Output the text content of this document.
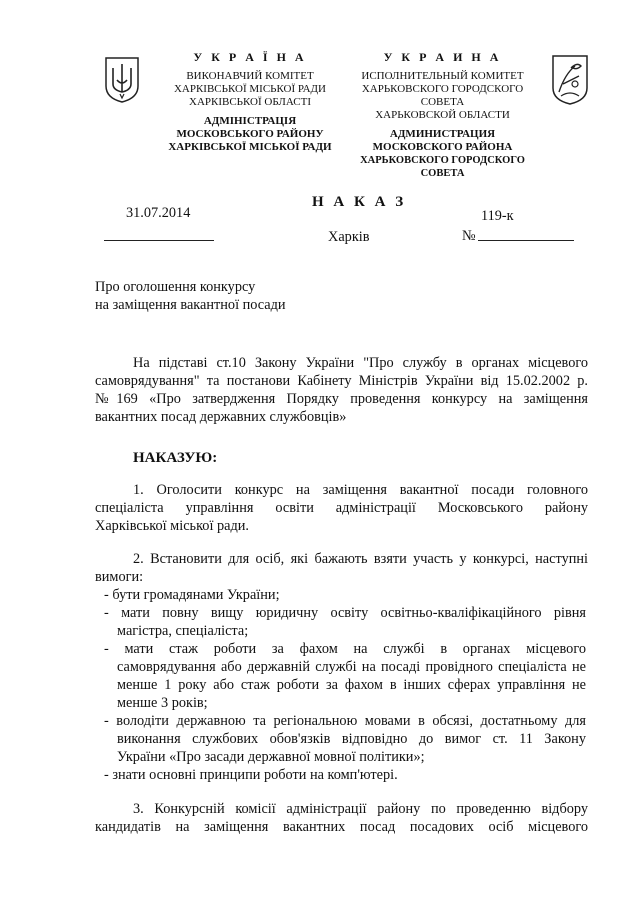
У К Р А Ї Н А
ВИКОНАВЧИЙ КОМІТЕТ
ХАРКІВСЬКОЇ МІСЬКОЇ РАДИ
ХАРКІВСЬКОЇ ОБЛАСТІ
АДМІНІСТРАЦІЯ
МОСКОВСЬКОГО РАЙОНУ
ХАРКІВСЬКОЇ МІСЬКОЇ РАДИ
У К Р А И Н А
ИСПОЛНИТЕЛЬНЫЙ КОМИТЕТ
ХАРЬКОВСКОГО ГОРОДСКОГО СОВЕТА
ХАРЬКОВСКОЙ ОБЛАСТИ
АДМИНИСТРАЦИЯ
МОСКОВСКОГО РАЙОНА
ХАРЬКОВСКОГО ГОРОДСКОГО СОВЕТА
Н А К А З
31.07.2014
Харків
119-к
№
Про оголошення конкурсу
на заміщення вакантної посади
На підставі ст.10 Закону України "Про службу в органах місцевого
самоврядування" та постанови Кабінету Міністрів України від 15.02.2002 р.
№169 «Про затвердження Порядку проведення конкурсу на заміщення
вакантних посад державних службовців»
НАКАЗУЮ:
1. Оголосити конкурс на заміщення вакантної посади головного
спеціаліста управління освіти адміністрації Московського району
Харківської міської ради.
2. Встановити для осіб, які бажають взяти участь у конкурсі, наступні
вимоги:
- бути громадянами України;
- мати повну вищу юридичну освіту освітньо-кваліфікаційного рівня
магістра, спеціаліста;
- мати стаж роботи за фахом на службі в органах місцевого
самоврядування або державній службі на посаді провідного спеціаліста не
менше 1 року або стаж роботи за фахом в інших сферах управління не
менше 3 років;
- володіти державною та регіональною мовами в обсязі, достатньому для
виконання службових обов'язків відповідно до вимог ст. 11 Закону
України «Про засади державної мовної політики»;
- знати основні принципи роботи на комп'ютері.
3. Конкурсній комісії адміністрації району по проведенню відбору
кандидатів на заміщення вакантних посад посадових осіб місцевого
